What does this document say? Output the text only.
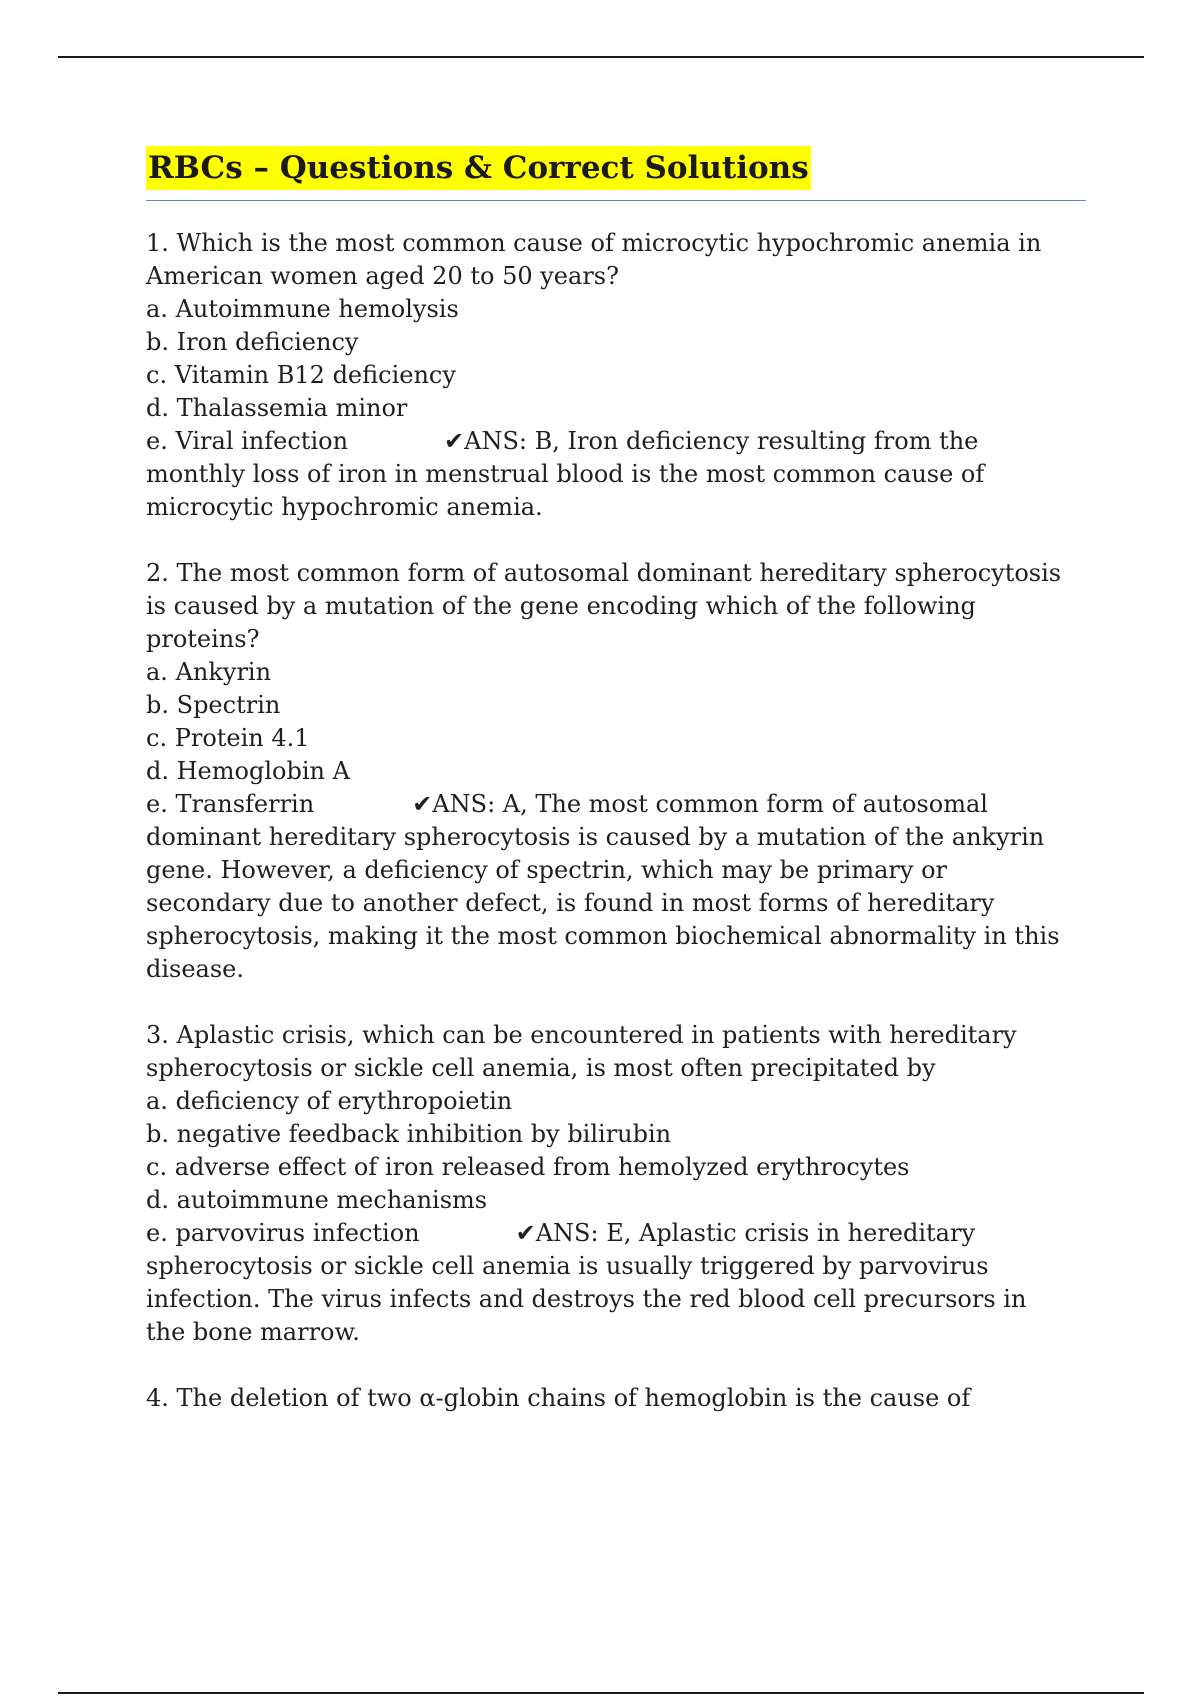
RBCs – Questions & Correct Solutions
1. Which is the most common cause of microcytic hypochromic anemia in
American women aged 20 to 50 years?
a. Autoimmune hemolysis
b. Iron deficiency
c. Vitamin B12 deficiency
d. Thalassemia minor
e. Viral infection	✔ANS: B, Iron deficiency resulting from the
monthly loss of iron in menstrual blood is the most common cause of
microcytic hypochromic anemia.
2. The most common form of autosomal dominant hereditary spherocytosis
is caused by a mutation of the gene encoding which of the following
proteins?
a. Ankyrin
b. Spectrin
c. Protein 4.1
d. Hemoglobin A
e. Transferrin	✔ANS: A, The most common form of autosomal
dominant hereditary spherocytosis is caused by a mutation of the ankyrin
gene. However, a deficiency of spectrin, which may be primary or
secondary due to another defect, is found in most forms of hereditary
spherocytosis, making it the most common biochemical abnormality in this
disease.
3. Aplastic crisis, which can be encountered in patients with hereditary
spherocytosis or sickle cell anemia, is most often precipitated by
a. deficiency of erythropoietin
b. negative feedback inhibition by bilirubin
c. adverse effect of iron released from hemolyzed erythrocytes
d. autoimmune mechanisms
e. parvovirus infection	✔ANS: E, Aplastic crisis in hereditary
spherocytosis or sickle cell anemia is usually triggered by parvovirus
infection. The virus infects and destroys the red blood cell precursors in
the bone marrow.
4. The deletion of two α-globin chains of hemoglobin is the cause of
